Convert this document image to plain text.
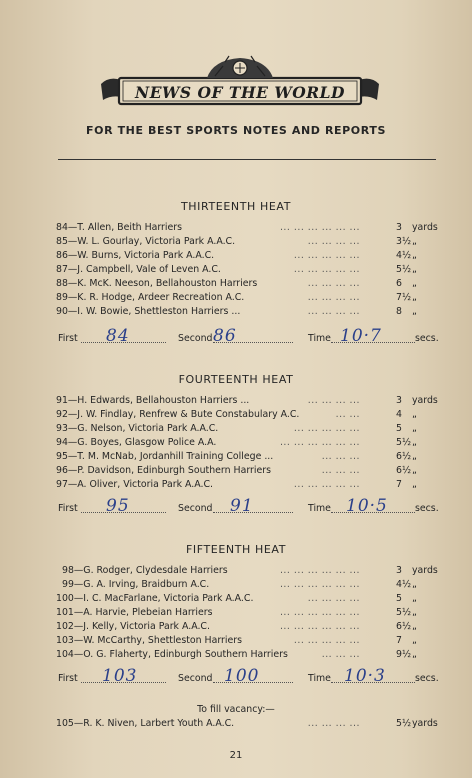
NEWS OF THE WORLD
FOR THE BEST SPORTS NOTES AND REPORTS
THIRTEENTH HEAT
84—T. Allen, Beith Harriers	... ... ... ... ... ...	3 yards
85—W. L. Gourlay, Victoria Park A.A.C.	... ... ... ...	3½ „
86—W. Burns, Victoria Park A.A.C.	... ... ... ... ...	4½ „
87—J. Campbell, Vale of Leven A.C.	... ... ... ... ...	5½ „
88—K. McK. Neeson, Bellahouston Harriers	... ... ... ...	6 „
89—K. R. Hodge, Ardeer Recreation A.C.	... ... ... ...	7½ „
90—I. W. Bowie, Shettleston Harriers ...	... ... ... ...	8 „
First 84	Second 86	Time 10·7	secs.
FOURTEENTH HEAT
91—H. Edwards, Bellahouston Harriers ...	... ... ... ...	3 yards
92—J. W. Findlay, Renfrew & Bute Constabulary A.C.	... ...	4 „
93—G. Nelson, Victoria Park A.A.C.	... ... ... ... ...	5 „
94—G. Boyes, Glasgow Police A.A.	... ... ... ... ... ...	5½ „
95—T. M. McNab, Jordanhill Training College ...	... ... ...	6½ „
96—P. Davidson, Edinburgh Southern Harriers	... ... ...	6½ „
97—A. Oliver, Victoria Park A.A.C.	... ... ... ... ...	7 „
First 95	Second 91	Time 10·5	secs.
FIFTEENTH HEAT
98—G. Rodger, Clydesdale Harriers	... ... ... ... ... ...	3 yards
99—G. A. Irving, Braidburn A.C.	... ... ... ... ... ...	4½ „
100—I. C. MacFarlane, Victoria Park A.A.C.	... ... ... ...	5 „
101—A. Harvie, Plebeian Harriers	... ... ... ... ... ...	5½ „
102—J. Kelly, Victoria Park A.A.C.	... ... ... ... ... ...	6½ „
103—W. McCarthy, Shettleston Harriers	... ... ... ... ...	7 „
104—O. G. Flaherty, Edinburgh Southern Harriers	... ... ...	9½ „
First 103	Second 100	Time 10·3	secs.
To fill vacancy:—
105—R. K. Niven, Larbert Youth A.A.C.	... ... ... ...	5½ yards
21
